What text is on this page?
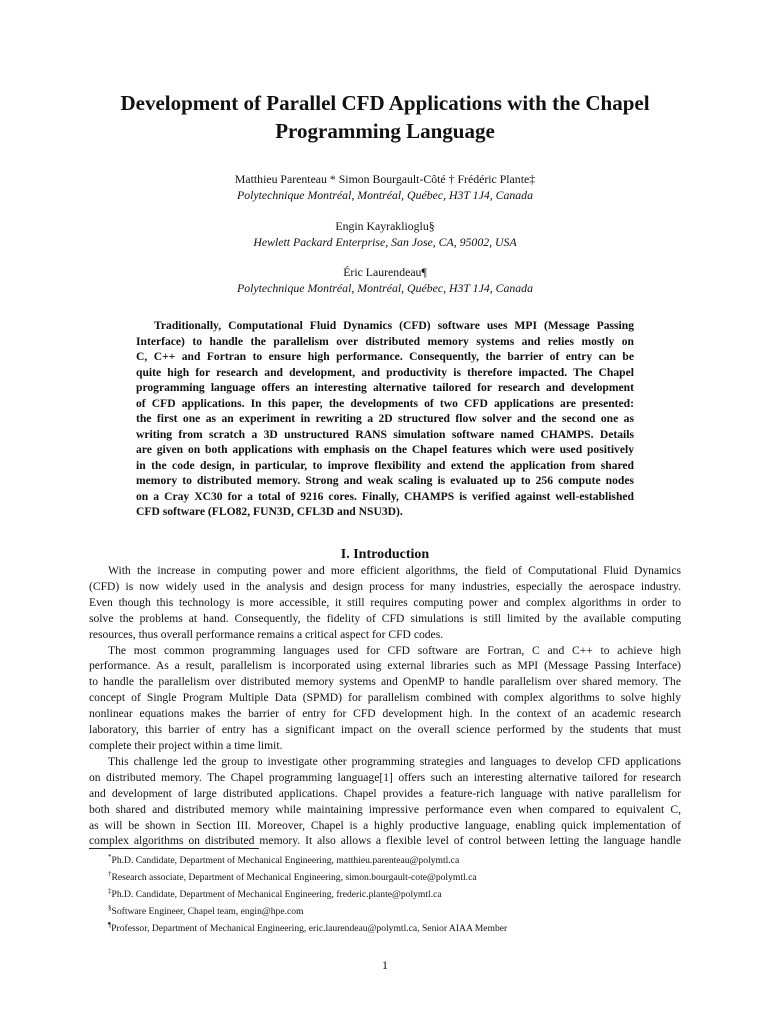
Development of Parallel CFD Applications with the Chapel
Programming Language
Matthieu Parenteau * Simon Bourgault-Côté † Frédéric Plante‡
Polytechnique Montréal, Montréal, Québec, H3T 1J4, Canada
Engin Kayraklioglu§
Hewlett Packard Enterprise, San Jose, CA, 95002, USA
Éric Laurendeau¶
Polytechnique Montréal, Montréal, Québec, H3T 1J4, Canada
Traditionally, Computational Fluid Dynamics (CFD) software uses MPI (Message Passing
Interface) to handle the parallelism over distributed memory systems and relies mostly on
C, C++ and Fortran to ensure high performance. Consequently, the barrier of entry can be
quite high for research and development, and productivity is therefore impacted. The Chapel
programming language offers an interesting alternative tailored for research and development
of CFD applications. In this paper, the developments of two CFD applications are presented:
the first one as an experiment in rewriting a 2D structured flow solver and the second one as
writing from scratch a 3D unstructured RANS simulation software named CHAMPS. Details
are given on both applications with emphasis on the Chapel features which were used positively
in the code design, in particular, to improve flexibility and extend the application from shared
memory to distributed memory. Strong and weak scaling is evaluated up to 256 compute nodes
on a Cray XC30 for a total of 9216 cores. Finally, CHAMPS is verified against well-established
CFD software (FLO82, FUN3D, CFL3D and NSU3D).
I. Introduction
With the increase in computing power and more efficient algorithms, the field of Computational Fluid Dynamics
(CFD) is now widely used in the analysis and design process for many industries, especially the aerospace industry.
Even though this technology is more accessible, it still requires computing power and complex algorithms in order to
solve the problems at hand. Consequently, the fidelity of CFD simulations is still limited by the available computing
resources, thus overall performance remains a critical aspect for CFD codes.
The most common programming languages used for CFD software are Fortran, C and C++ to achieve high
performance. As a result, parallelism is incorporated using external libraries such as MPI (Message Passing Interface)
to handle the parallelism over distributed memory systems and OpenMP to handle parallelism over shared memory. The
concept of Single Program Multiple Data (SPMD) for parallelism combined with complex algorithms to solve highly
nonlinear equations makes the barrier of entry for CFD development high. In the context of an academic research
laboratory, this barrier of entry has a significant impact on the overall science performed by the students that must
complete their project within a time limit.
This challenge led the group to investigate other programming strategies and languages to develop CFD applications
on distributed memory. The Chapel programming language[1] offers such an interesting alternative tailored for research
and development of large distributed applications. Chapel provides a feature-rich language with native parallelism for
both shared and distributed memory while maintaining impressive performance even when compared to equivalent C,
as will be shown in Section III. Moreover, Chapel is a highly productive language, enabling quick implementation of
complex algorithms on distributed memory. It also allows a flexible level of control between letting the language handle
*Ph.D. Candidate, Department of Mechanical Engineering, matthieu.parenteau@polymtl.ca
†Research associate, Department of Mechanical Engineering, simon.bourgault-cote@polymtl.ca
‡Ph.D. Candidate, Department of Mechanical Engineering, frederic.plante@polymtl.ca
§Software Engineer, Chapel team, engin@hpe.com
¶Professor, Department of Mechanical Engineering, eric.laurendeau@polymtl.ca, Senior AIAA Member
1
